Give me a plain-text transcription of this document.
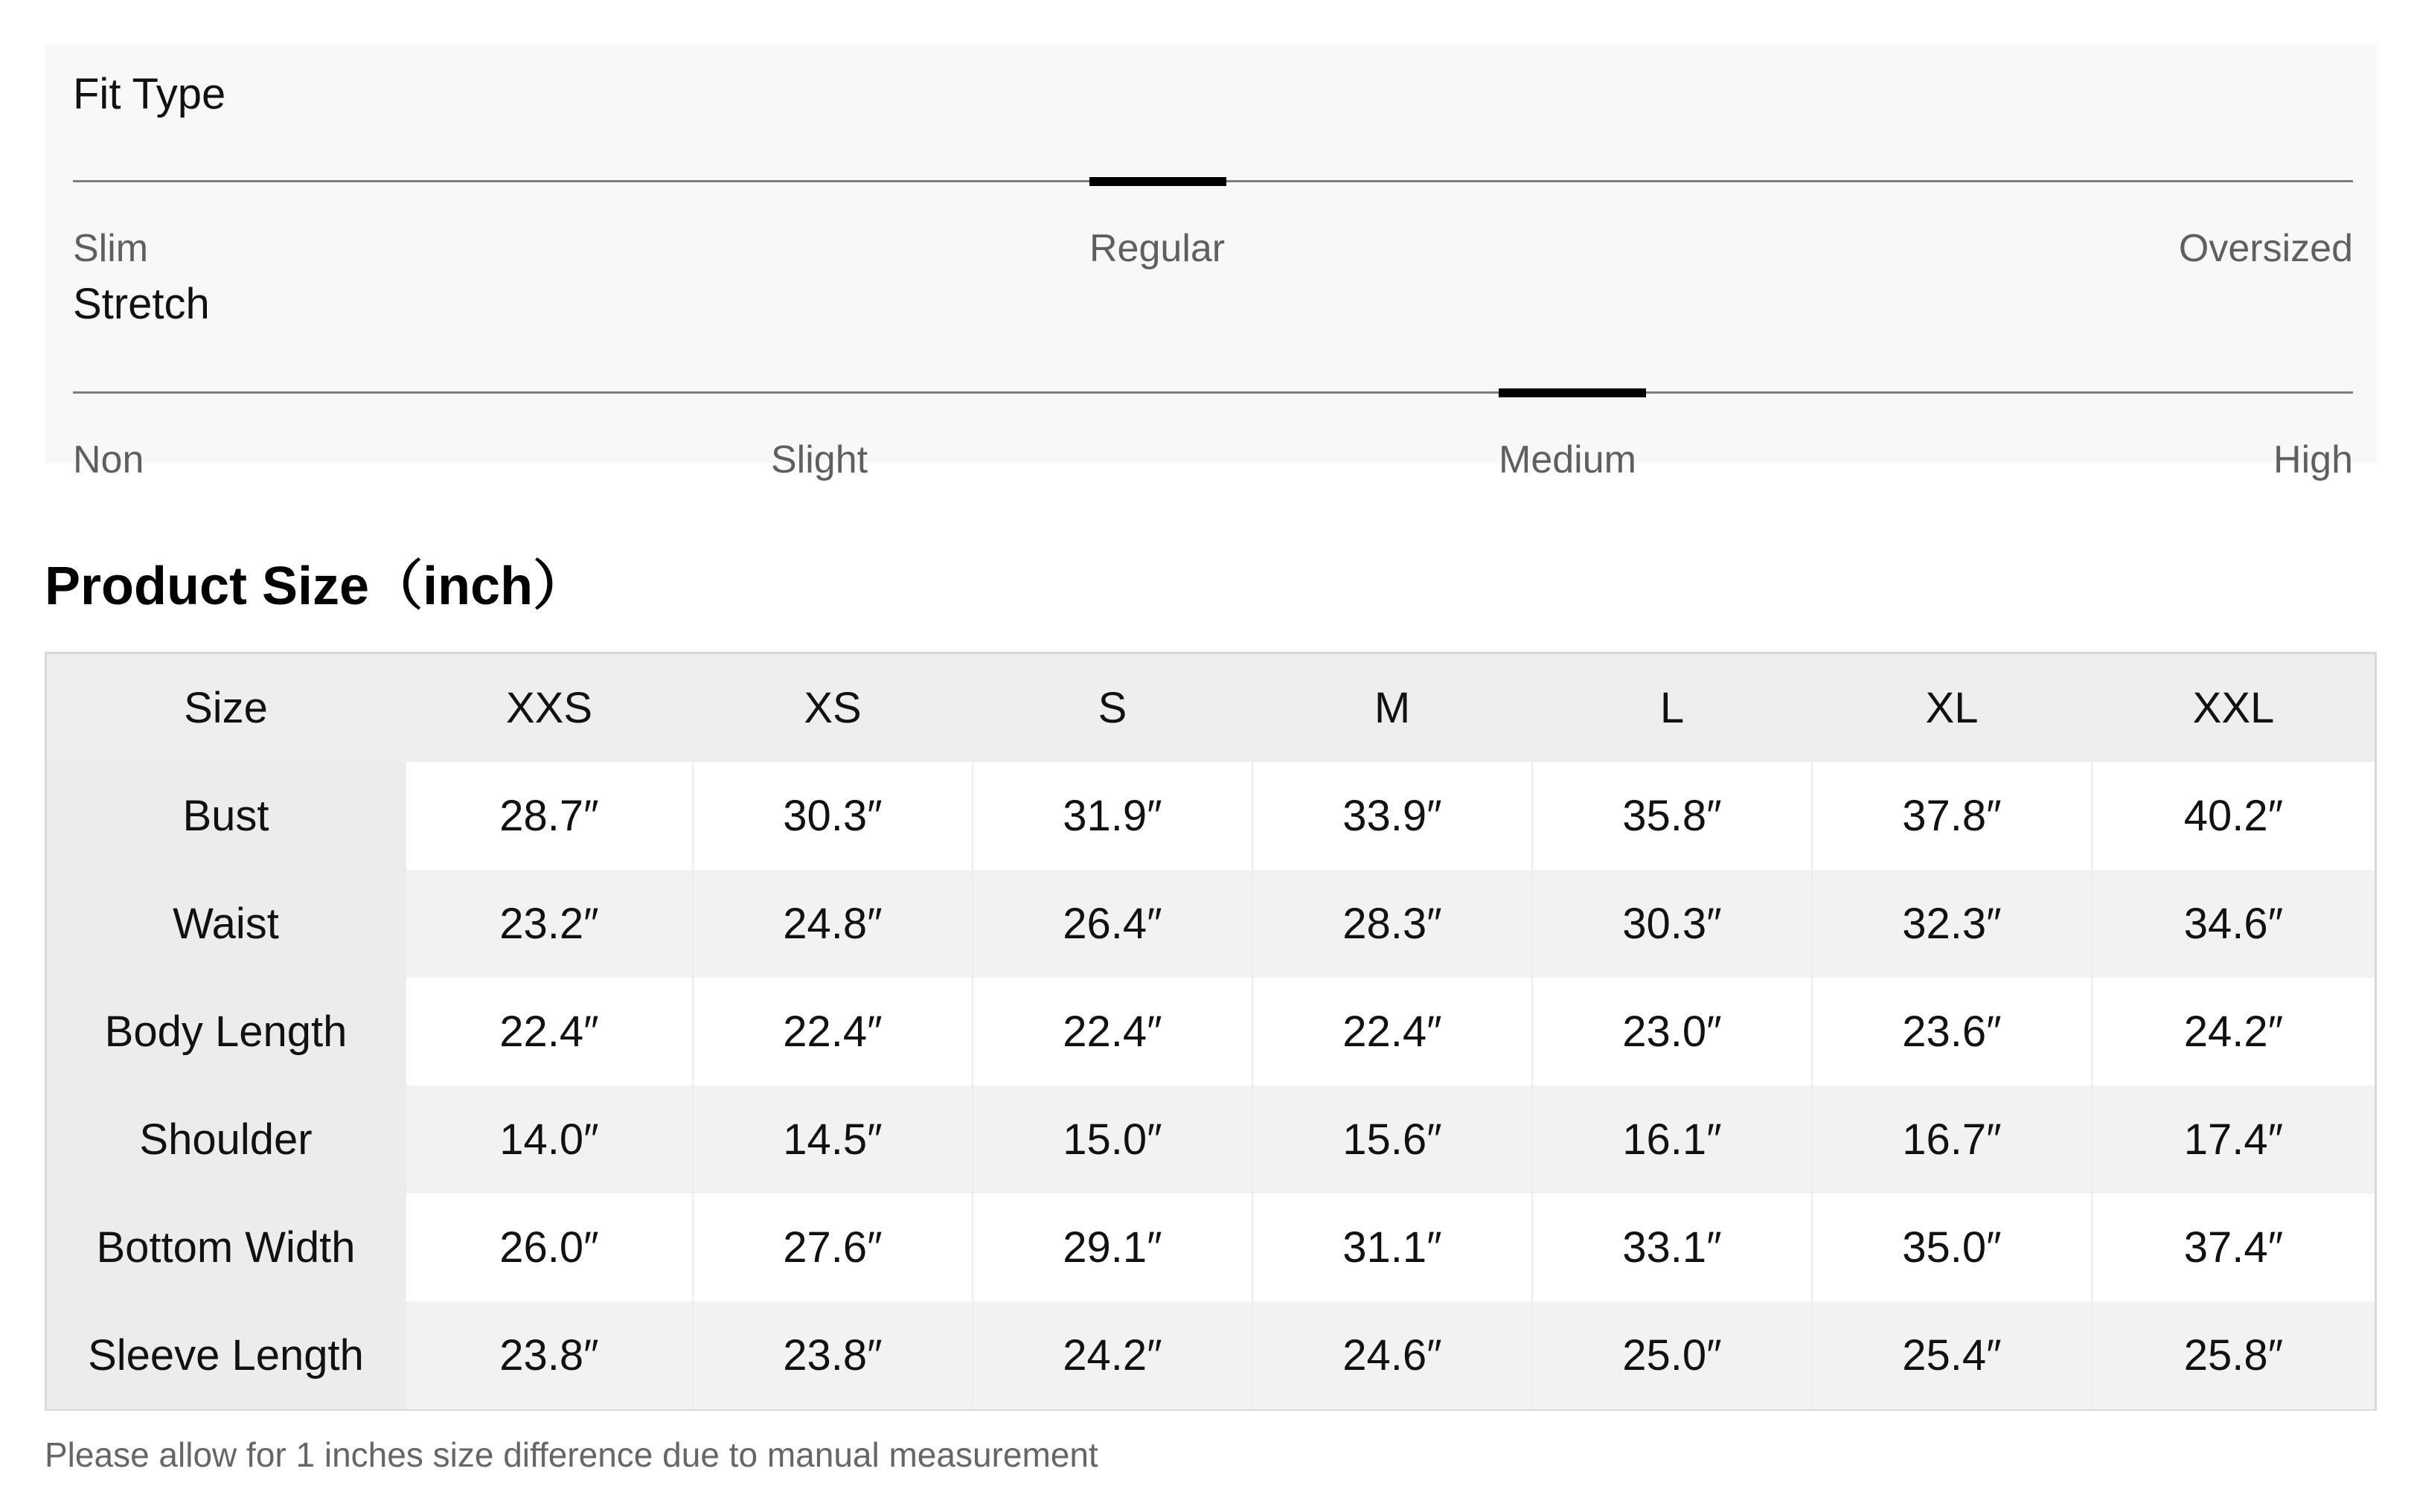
Fit Type
Slim	Regular	Oversized
Stretch
Non	Slight	Medium	High
Product Size（inch）
Size	XXS	XS	S	M	L	XL	XXL
Bust	28.7″	30.3″	31.9″	33.9″	35.8″	37.8″	40.2″
Waist	23.2″	24.8″	26.4″	28.3″	30.3″	32.3″	34.6″
Body Length	22.4″	22.4″	22.4″	22.4″	23.0″	23.6″	24.2″
Shoulder	14.0″	14.5″	15.0″	15.6″	16.1″	16.7″	17.4″
Bottom Width	26.0″	27.6″	29.1″	31.1″	33.1″	35.0″	37.4″
Sleeve Length	23.8″	23.8″	24.2″	24.6″	25.0″	25.4″	25.8″
Please allow for 1 inches size difference due to manual measurement
